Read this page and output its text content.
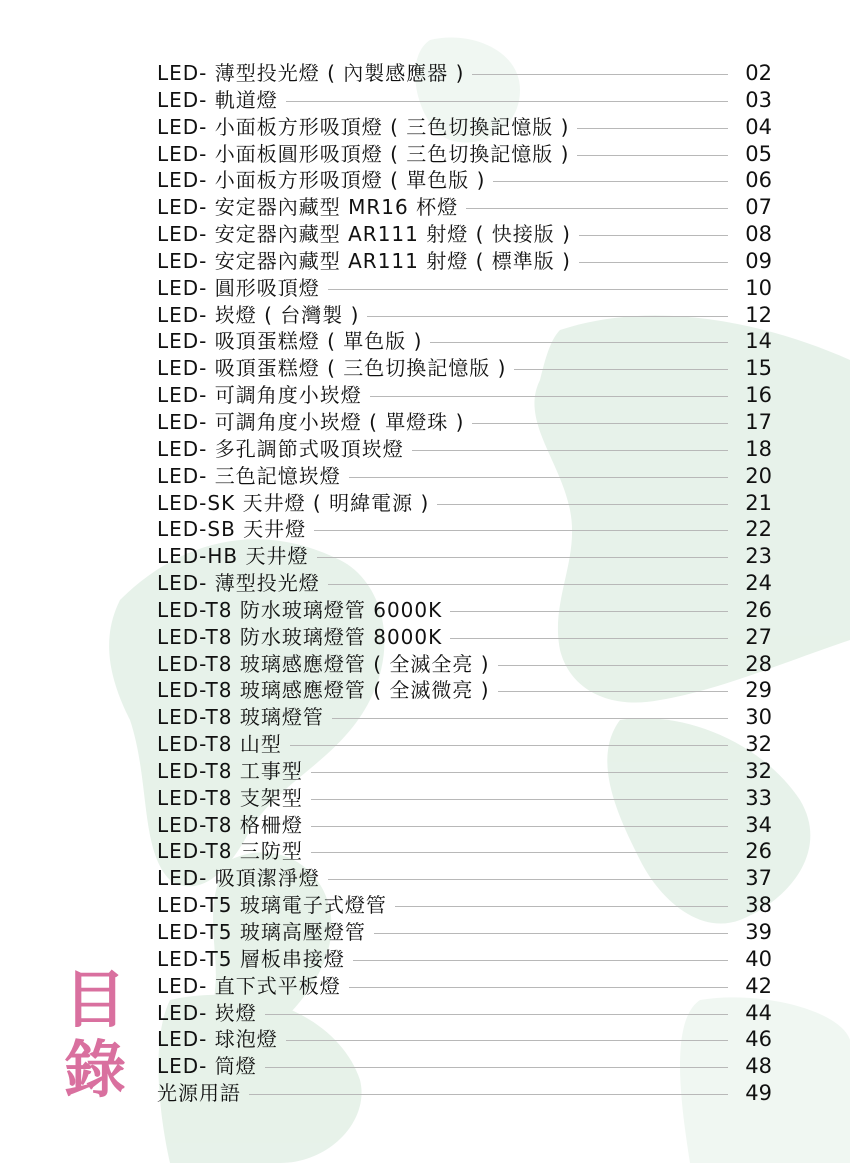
目
錄
LED- 薄型投光燈 ( 內製感應器 )	02
LED- 軌道燈	03
LED- 小面板方形吸頂燈 ( 三色切換記憶版 )	04
LED- 小面板圓形吸頂燈 ( 三色切換記憶版 )	05
LED- 小面板方形吸頂燈 ( 單色版 )	06
LED- 安定器內藏型 MR16 杯燈	07
LED- 安定器內藏型 AR111 射燈 ( 快接版 )	08
LED- 安定器內藏型 AR111 射燈 ( 標準版 )	09
LED- 圓形吸頂燈	10
LED- 崁燈 ( 台灣製 )	12
LED- 吸頂蛋糕燈 ( 單色版 )	14
LED- 吸頂蛋糕燈 ( 三色切換記憶版 )	15
LED- 可調角度小崁燈	16
LED- 可調角度小崁燈 ( 單燈珠 )	17
LED- 多孔調節式吸頂崁燈	18
LED- 三色記憶崁燈	20
LED-SK 天井燈 ( 明緯電源 )	21
LED-SB 天井燈	22
LED-HB 天井燈	23
LED- 薄型投光燈	24
LED-T8 防水玻璃燈管 6000K	26
LED-T8 防水玻璃燈管 8000K	27
LED-T8 玻璃感應燈管 ( 全滅全亮 )	28
LED-T8 玻璃感應燈管 ( 全滅微亮 )	29
LED-T8 玻璃燈管	30
LED-T8 山型	32
LED-T8 工事型	32
LED-T8 支架型	33
LED-T8 格柵燈	34
LED-T8 三防型	26
LED- 吸頂潔淨燈	37
LED-T5 玻璃電子式燈管	38
LED-T5 玻璃高壓燈管	39
LED-T5 層板串接燈	40
LED- 直下式平板燈	42
LED- 崁燈	44
LED- 球泡燈	46
LED- 筒燈	48
光源用語	49
